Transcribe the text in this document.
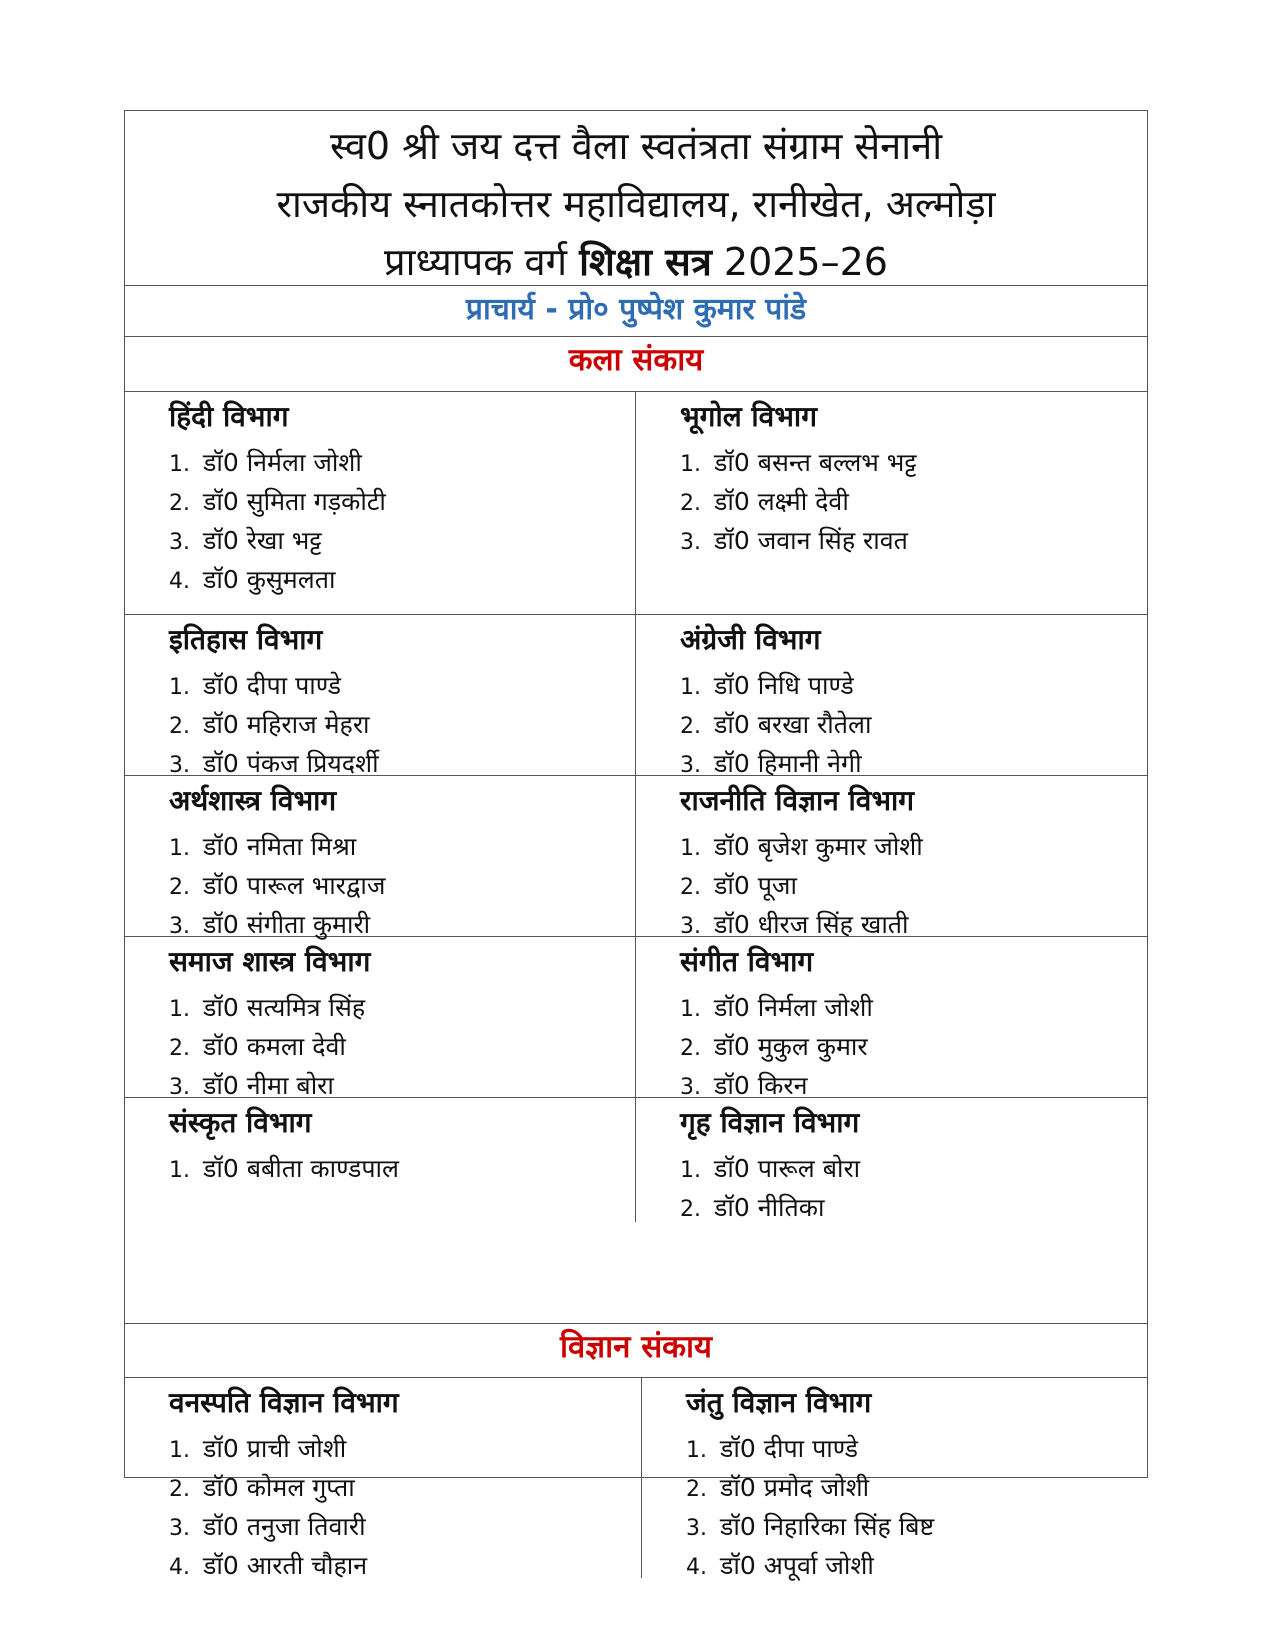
स्व0 श्री जय दत्त वैला स्वतंत्रता संग्राम सेनानी
राजकीय स्नातकोत्तर महाविद्यालय, रानीखेत, अल्मोड़ा
प्राध्यापक वर्ग शिक्षा सत्र 2025–26
प्राचार्य - प्रो० पुष्पेश कुमार पांडे
कला संकाय
हिंदी विभाग
1. डॉ0 निर्मला जोशी
2. डॉ0 सुमिता गड़कोटी
3. डॉ0 रेखा भट्ट
4. डॉ0 कुसुमलता
भूगोल विभाग
1. डॉ0 बसन्त बल्लभ भट्ट
2. डॉ0 लक्ष्मी देवी
3. डॉ0 जवान सिंह रावत
इतिहास विभाग
1. डॉ0 दीपा पाण्डे
2. डॉ0 महिराज मेहरा
3. डॉ0 पंकज प्रियदर्शी
अंग्रेजी विभाग
1. डॉ0 निधि पाण्डे
2. डॉ0 बरखा रौतेला
3. डॉ0 हिमानी नेगी
अर्थशास्त्र विभाग
1. डॉ0 नमिता मिश्रा
2. डॉ0 पारूल भारद्वाज
3. डॉ0 संगीता कुमारी
राजनीति विज्ञान विभाग
1. डॉ0 बृजेश कुमार जोशी
2. डॉ0 पूजा
3. डॉ0 धीरज सिंह खाती
समाज शास्त्र विभाग
1. डॉ0 सत्यमित्र सिंह
2. डॉ0 कमला देवी
3. डॉ0 नीमा बोरा
संगीत विभाग
1. डॉ0 निर्मला जोशी
2. डॉ0 मुकुल कुमार
3. डॉ0 किरन
संस्कृत विभाग
1. डॉ0 बबीता काण्डपाल
गृह विज्ञान विभाग
1. डॉ0 पारूल बोरा
2. डॉ0 नीतिका
विज्ञान संकाय
वनस्पति विज्ञान विभाग
1. डॉ0 प्राची जोशी
2. डॉ0 कोमल गुप्ता
3. डॉ0 तनुजा तिवारी
4. डॉ0 आरती चौहान
जंतु विज्ञान विभाग
1. डॉ0 दीपा पाण्डे
2. डॉ0 प्रमोद जोशी
3. डॉ0 निहारिका सिंह बिष्ट
4. डॉ0 अपूर्वा जोशी
